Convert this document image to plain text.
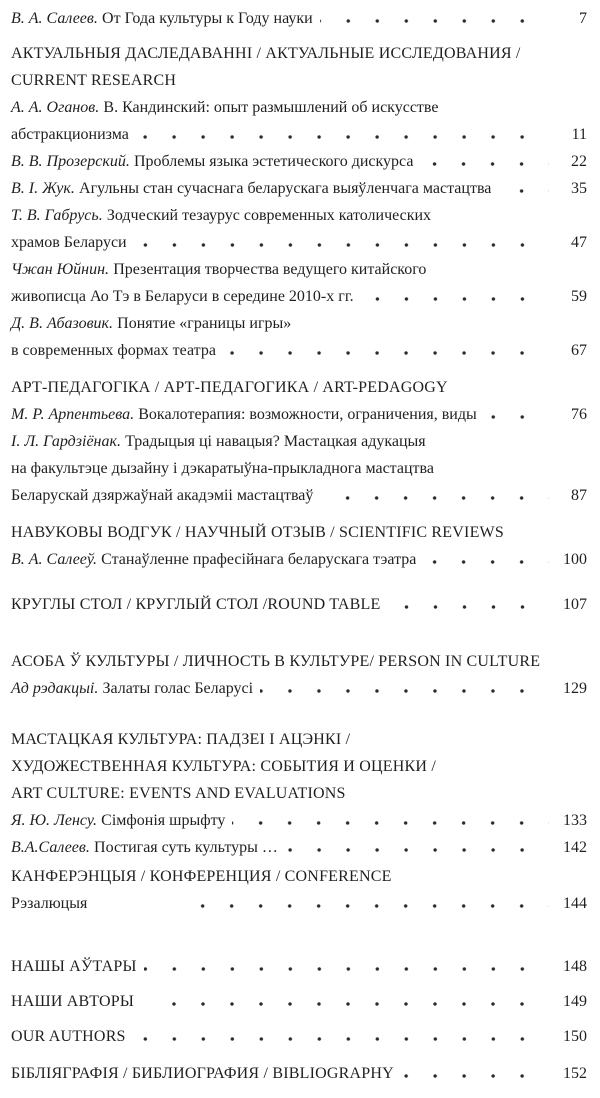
В. А. Салеев. От Года культуры к Году науки	7
АКТУАЛЬНЫЯ ДАСЛЕДАВАННІ / АКТУАЛЬНЫЕ ИССЛЕДОВАНИЯ /
CURRENT RESEARCH
А. А. Оганов. В. Кандинский: опыт размышлений об искусстве
абстракционизма	11
В. В. Прозерский. Проблемы языка эстетического дискурса	22
В. І. Жук. Агульны стан сучаснага беларускага выяўленчага мастацтва	35
Т. В. Габрусь. Зодческий тезаурус современных католических
храмов Беларуси	47
Чжан Юйнин. Презентация творчества ведущего китайского
живописца Ао Тэ в Беларуси в середине 2010-х гг.	59
Д. В. Абазовик. Понятие «границы игры»
в современных формах театра	67
АРТ-ПЕДАГОГІКА / АРТ-ПЕДАГОГИКА / ART-PEDAGOGY
М. Р. Арпентьева. Вокалотерапия: возможности, ограничения, виды	76
І. Л. Гардзіёнак. Традыцыя ці навацыя? Мастацкая адукацыя
на факультэце дызайну і дэкаратыўна-прыкладнога мастацтва
Беларускай дзяржаўнай акадэміі мастацтваў	87
НАВУКОВЫ ВОДГУК / НАУЧНЫЙ ОТЗЫВ / SCIENTIFIC REVIEWS
В. А. Салееў. Станаўленне прафесійнага беларускага тэатра	100
КРУГЛЫ СТОЛ / КРУГЛЫЙ СТОЛ /ROUND TABLE	107
АСОБА Ў КУЛЬТУРЫ / ЛИЧНОСТЬ В КУЛЬТУРЕ/ PERSON IN CULTURE
Ад рэдакцыі. Залаты голас Беларусі	129
МАСТАЦКАЯ КУЛЬТУРА: ПАДЗЕІ І АЦЭНКІ /
ХУДОЖЕСТВЕННАЯ КУЛЬТУРА: СОБЫТИЯ И ОЦЕНКИ /
ART CULTURE: EVENTS AND EVALUATIONS
Я. Ю. Ленсу. Сімфонія шрыфту	133
В.А.Салеев. Постигая суть культуры …	142
КАНФЕРЭНЦЫЯ / КОНФЕРЕНЦИЯ / CONFERENCE
Рэзалюцыя	144
НАШЫ АЎТАРЫ	148
НАШИ АВТОРЫ	149
OUR AUTHORS	150
БІБЛІЯГРАФІЯ / БИБЛИОГРАФИЯ / BIBLIOGRAPHY	152
